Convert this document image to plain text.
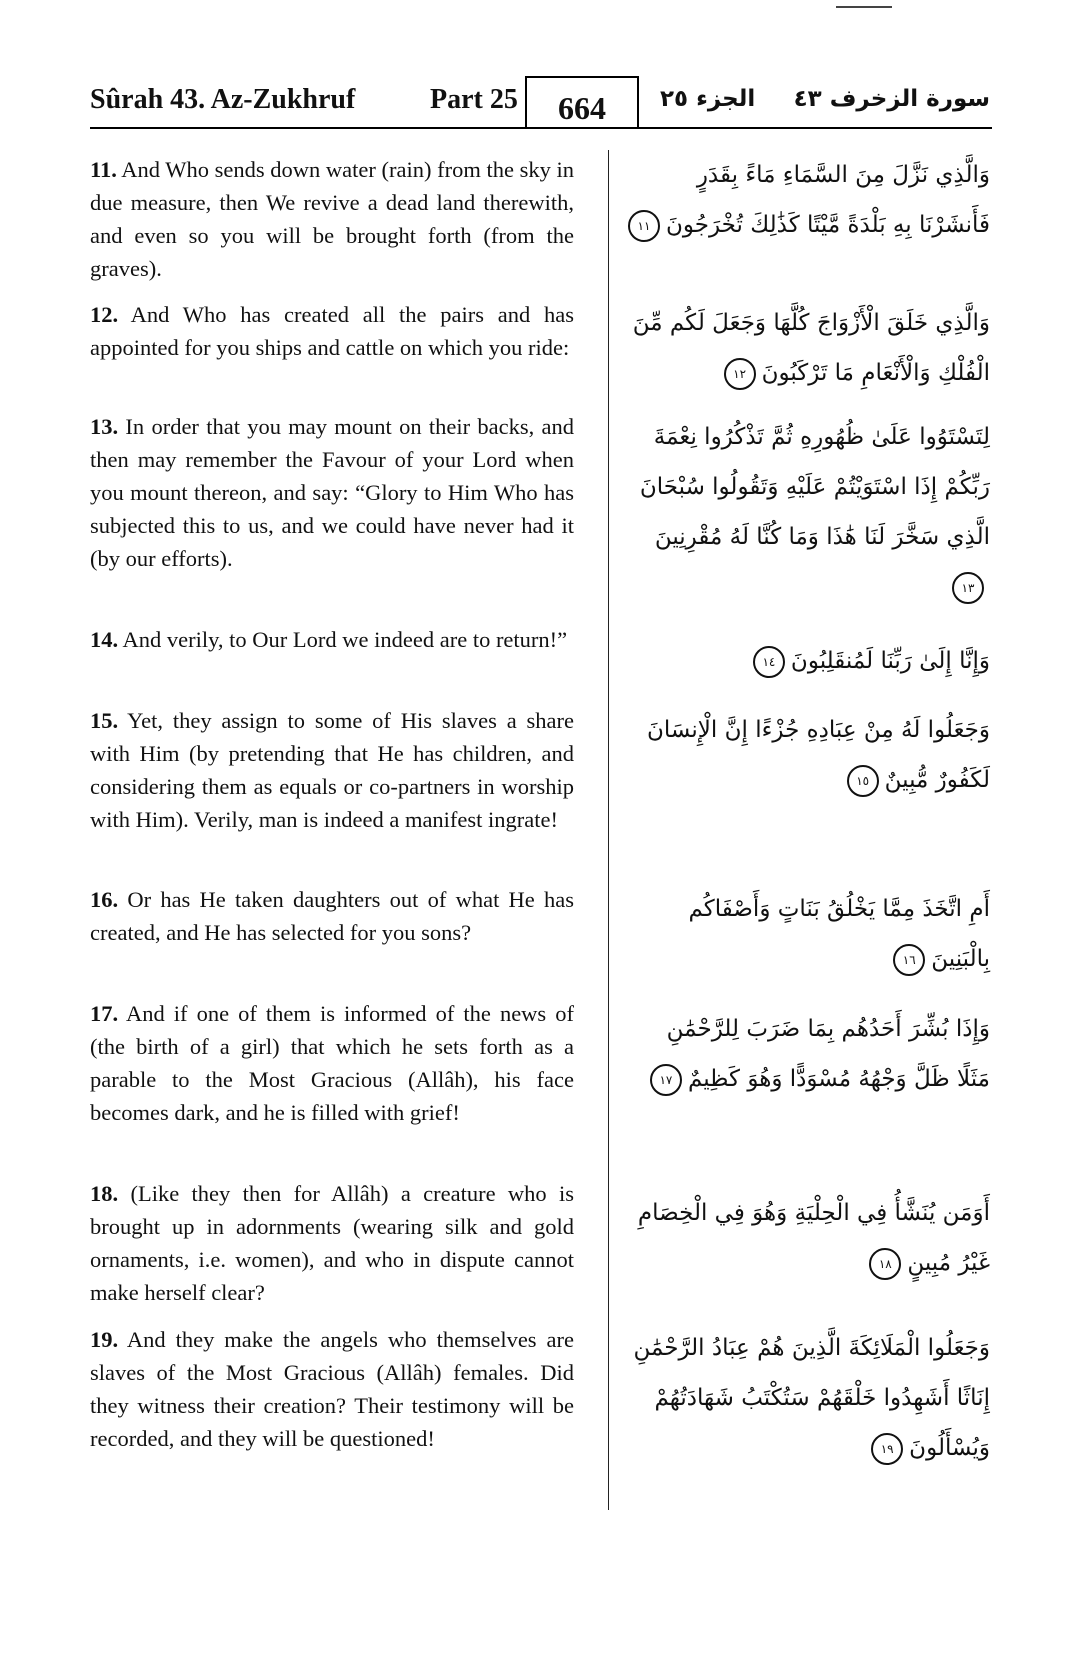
Sûrah 43. Az-Zukhruf	Part 25	664	الجزء ٢٥ سورة الزخرف ٤٣
11. And Who sends down water (rain) from the sky in due measure, then We revive a dead land therewith, and even so you will be brought forth (from the graves).
وَالَّذِي نَزَّلَ مِنَ السَّمَاءِ مَاءً بِقَدَرٍ فَأَنشَرْنَا بِهِ بَلْدَةً مَّيْتًا كَذَٰلِكَ تُخْرَجُونَ١١
12. And Who has created all the pairs and has appointed for you ships and cattle on which you ride:
وَالَّذِي خَلَقَ الْأَزْوَاجَ كُلَّهَا وَجَعَلَ لَكُم مِّنَ الْفُلْكِ وَالْأَنْعَامِ مَا تَرْكَبُونَ١٢
13. In order that you may mount on their backs, and then may remember the Favour of your Lord when you mount thereon, and say: “Glory to Him Who has subjected this to us, and we could have never had it (by our efforts).
لِتَسْتَوُوا عَلَىٰ ظُهُورِهِ ثُمَّ تَذْكُرُوا نِعْمَةَ رَبِّكُمْ إِذَا اسْتَوَيْتُمْ عَلَيْهِ وَتَقُولُوا سُبْحَانَ الَّذِي سَخَّرَ لَنَا هَٰذَا وَمَا كُنَّا لَهُ مُقْرِنِينَ١٣
14. And verily, to Our Lord we indeed are to return!”
وَإِنَّا إِلَىٰ رَبِّنَا لَمُنقَلِبُونَ١٤
15. Yet, they assign to some of His slaves a share with Him (by pretending that He has children, and considering them as equals or co-partners in worship with Him). Verily, man is indeed a manifest ingrate!
وَجَعَلُوا لَهُ مِنْ عِبَادِهِ جُزْءًا إِنَّ الْإِنسَانَ لَكَفُورٌ مُّبِينٌ١٥
16. Or has He taken daughters out of what He has created, and He has selected for you sons?
أَمِ اتَّخَذَ مِمَّا يَخْلُقُ بَنَاتٍ وَأَصْفَاكُم بِالْبَنِينَ١٦
17. And if one of them is informed of the news of (the birth of a girl) that which he sets forth as a parable to the Most Gracious (Allâh), his face becomes dark, and he is filled with grief!
وَإِذَا بُشِّرَ أَحَدُهُم بِمَا ضَرَبَ لِلرَّحْمَٰنِ مَثَلًا ظَلَّ وَجْهُهُ مُسْوَدًّا وَهُوَ كَظِيمٌ١٧
18. (Like they then for Allâh) a creature who is brought up in adornments (wearing silk and gold ornaments, i.e. women), and who in dispute cannot make herself clear?
أَوَمَن يُنَشَّأُ فِي الْحِلْيَةِ وَهُوَ فِي الْخِصَامِ غَيْرُ مُبِينٍ١٨
19. And they make the angels who themselves are slaves of the Most Gracious (Allâh) females. Did they witness their creation? Their testimony will be recorded, and they will be questioned!
وَجَعَلُوا الْمَلَائِكَةَ الَّذِينَ هُمْ عِبَادُ الرَّحْمَٰنِ إِنَاثًا أَشَهِدُوا خَلْقَهُمْ سَتُكْتَبُ شَهَادَتُهُمْ وَيُسْأَلُونَ١٩
